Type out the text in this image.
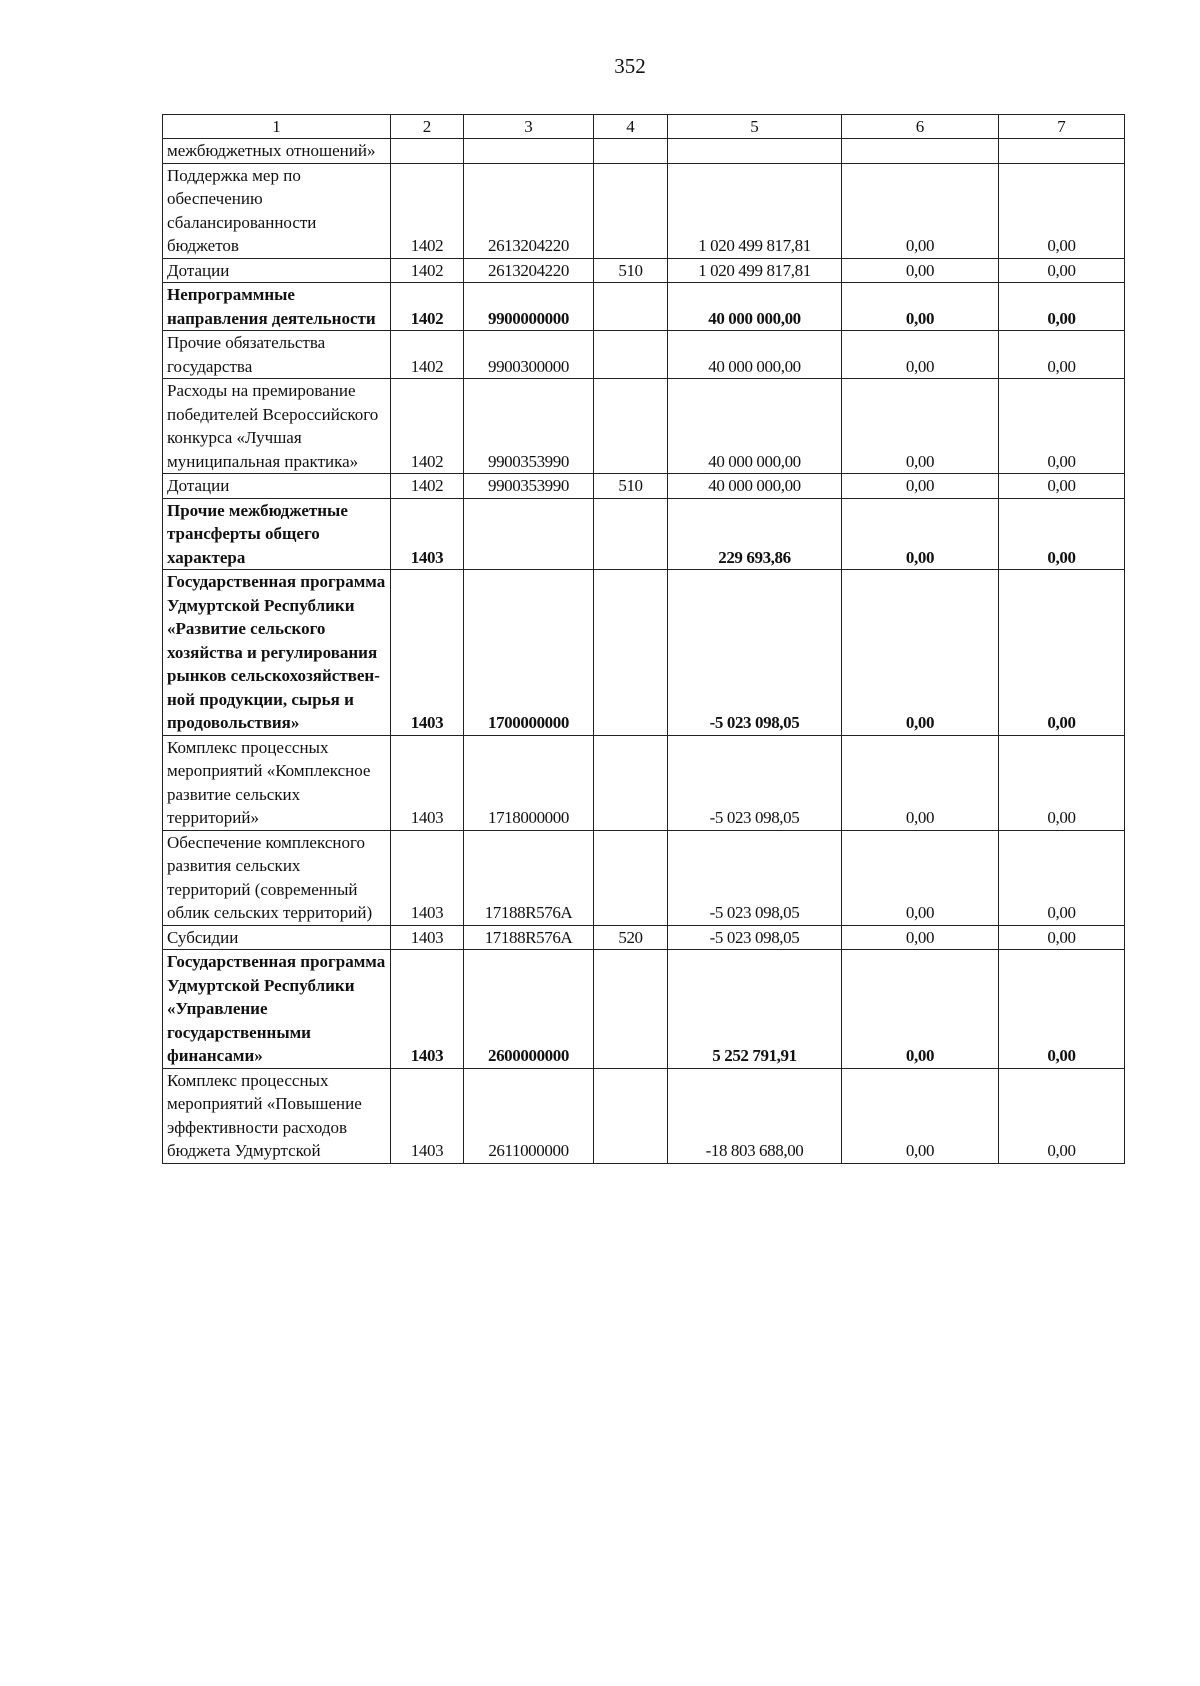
352
1	2	3	4	5	6	7
межбюджетных отношений»						
Поддержка мер по обеспечению сбалансированности бюджетов	1402	2613204220		1 020 499 817,81	0,00	0,00
Дотации	1402	2613204220	510	1 020 499 817,81	0,00	0,00
Непрограммные направления деятельности	1402	9900000000		40 000 000,00	0,00	0,00
Прочие обязательства государства	1402	9900300000		40 000 000,00	0,00	0,00
Расходы на премирование победителей Всероссийского конкурса «Лучшая муниципальная практика»	1402	9900353990		40 000 000,00	0,00	0,00
Дотации	1402	9900353990	510	40 000 000,00	0,00	0,00
Прочие межбюджетные трансферты общего характера	1403			229 693,86	0,00	0,00
Государственная программа Удмуртской Республики «Развитие сельского хозяйства и регулирования рынков сельскохозяйствен-ной продукции, сырья и продовольствия»	1403	1700000000		-5 023 098,05	0,00	0,00
Комплекс процессных мероприятий «Комплексное развитие сельских территорий»	1403	1718000000		-5 023 098,05	0,00	0,00
Обеспечение комплексного развития сельских территорий (современный облик сельских территорий)	1403	17188R576A		-5 023 098,05	0,00	0,00
Субсидии	1403	17188R576A	520	-5 023 098,05	0,00	0,00
Государственная программа Удмуртской Республики «Управление государственными финансами»	1403	2600000000		5 252 791,91	0,00	0,00
Комплекс процессных мероприятий «Повышение эффективности расходов бюджета Удмуртской	1403	2611000000		-18 803 688,00	0,00	0,00
